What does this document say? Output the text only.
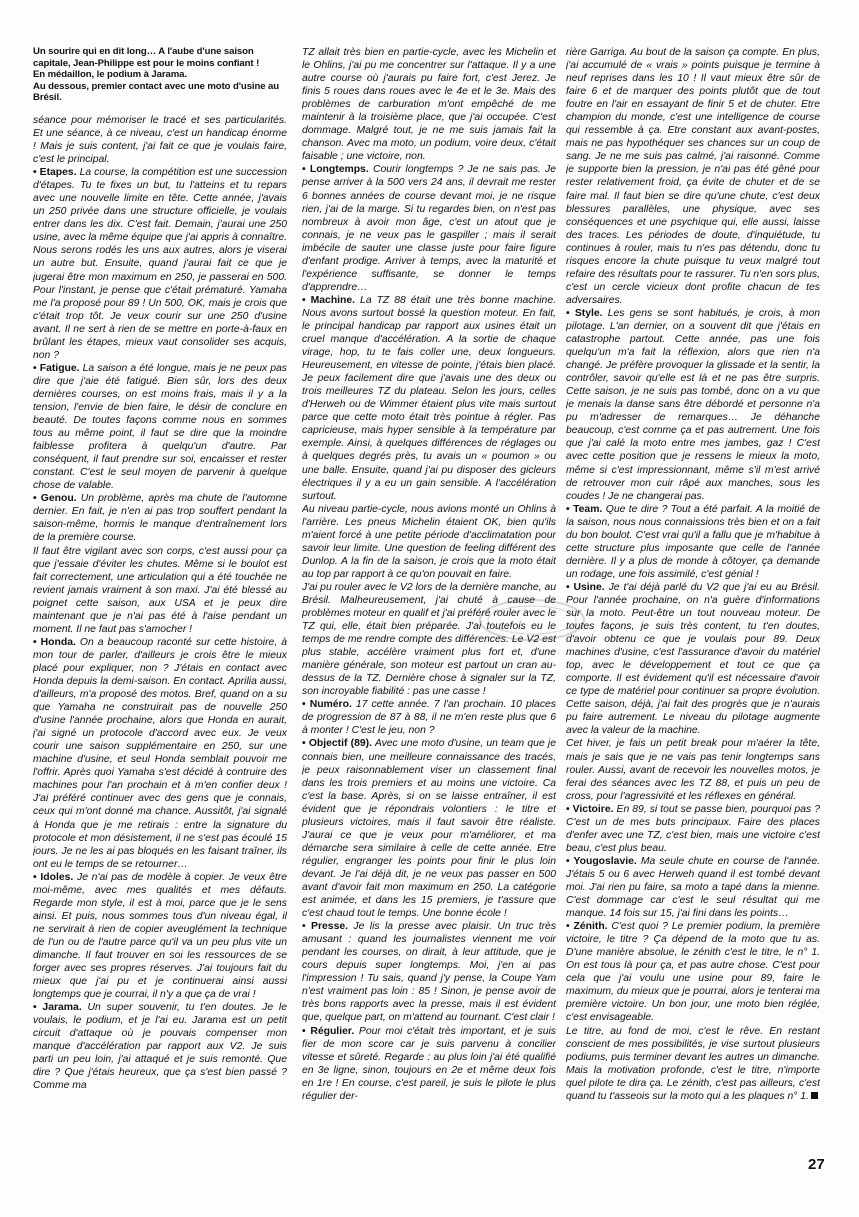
Un sourire qui en dit long… A l'aube d'une saison capitale, Jean-Philippe est pour le moins confiant !

En médaillon, le podium à Jarama.

Au dessous, premier contact avec une moto d'usine au Brésil.

séance pour mémoriser le tracé et ses particularités. Et une séance, à ce niveau, c'est un handicap énorme ! Mais je suis content, j'ai fait ce que je voulais faire, c'est le principal.

• Etapes. La course, la compétition est une succession d'étapes. Tu te fixes un but, tu l'atteins et tu repars avec une nouvelle limite en tête. Cette année, j'avais un 250 privée dans une structure officielle, je voulais entrer dans les dix. C'est fait. Demain, j'aurai une 250 usine, avec la même équipe que j'ai appris à connaître. Nous serons rodés les uns aux autres, alors je viserai un autre but. Ensuite, quand j'aurai fait ce que je jugerai être mon maximum en 250, je passerai en 500. Pour l'instant, je pense que c'était prématuré. Yamaha me l'a proposé pour 89 ! Un 500, OK, mais je crois que c'était trop tôt. Je veux courir sur une 250 d'usine avant. Il ne sert à rien de se mettre en porte-à-faux en brûlant les étapes, mieux vaut consolider ses acquis, non ?

• Fatigue. La saison a été longue, mais je ne peux pas dire que j'aie été fatigué. Bien sûr, lors des deux dernières courses, on est moins frais, mais il y a la tension, l'envie de bien faire, le désir de conclure en beauté. De toutes façons comme nous en sommes tous au même point, il faut se dire que la moindre faiblesse profitera à quelqu'un d'autre. Par conséquent, il faut prendre sur soi, encaisser et rester constant. C'est le seul moyen de parvenir à quelque chose de valable.

• Genou. Un problème, après ma chute de l'automne dernier. En fait, je n'en ai pas trop souffert pendant la saison-même, hormis le manque d'entraînement lors de la première course.

Il faut être vigilant avec son corps, c'est aussi pour ça que j'essaie d'éviter les chutes. Même si le boulot est fait correctement, une articulation qui a été touchée ne revient jamais vraiment à son maxi. J'ai été blessé au poignet cette saison, aux USA et je peux dire maintenant que je n'ai pas été à l'aise pendant un moment. Il ne faut pas s'amocher !

• Honda. On a beaucoup raconté sur cette histoire, à mon tour de parler, d'ailleurs je crois être le mieux placé pour expliquer, non ? J'étais en contact avec Honda depuis la demi-saison. En contact. Aprilia aussi, d'ailleurs, m'a proposé des motos. Bref, quand on a su que Yamaha ne construirait pas de nouvelle 250 d'usine l'année prochaine, alors que Honda en aurait, j'ai signé un protocole d'accord avec eux. Je veux courir une saison supplémentaire en 250, sur une machine d'usine, et seul Honda semblait pouvoir me l'offrir. Après quoi Yamaha s'est décidé à contruire des machines pour l'an prochain et à m'en confier deux ! J'ai préféré continuer avec des gens que je connais, ceux qui m'ont donné ma chance. Aussitôt, j'ai signalé à Honda que je me retirais : entre la signature du protocole et mon désistement, il ne s'est pas écoulé 15 jours. Je ne les ai pas bloqués en les faisant traîner, ils ont eu le temps de se retourner…

• Idoles. Je n'ai pas de modèle à copier. Je veux être moi-même, avec mes qualités et mes défauts. Regarde mon style, il est à moi, parce que je le sens ainsi. Et puis, nous sommes tous d'un niveau égal, il ne servirait à rien de copier aveuglément la technique de l'un ou de l'autre parce qu'il va un peu plus vite un dimanche. Il faut trouver en soi les ressources de se forger avec ses propres réserves. J'ai toujours fait du mieux que j'ai pu et je continuerai ainsi aussi longtemps que je courrai, il n'y a que ça de vrai !

• Jarama. Un super souvenir, tu t'en doutes. Je le voulais, le podium, et je l'ai eu. Jarama est un petit circuit d'attaque où je pouvais compenser mon manque d'accélération par rapport aux V2. Je suis parti un peu loin, j'ai attaqué et je suis remonté. Que dire ? Que j'étais heureux, que ça s'est bien passé ? Comme ma

TZ allait très bien en partie-cycle, avec les Michelin et le Ohlins, j'ai pu me concentrer sur l'attaque. Il y a une autre course où j'aurais pu faire fort, c'est Jerez. Je finis 5 roues dans roues avec le 4e et le 3e. Mais des problèmes de carburation m'ont empêché de me maintenir à la troisième place, que j'ai occupée. C'est dommage. Malgré tout, je ne me suis jamais fait la chanson. Avec ma moto, un podium, voire deux, c'était faisable ; une victoire, non.

• Longtemps. Courir longtemps ? Je ne sais pas. Je pense arriver à la 500 vers 24 ans, il devrait me rester 6 bonnes années de course devant moi, je ne risque rien, j'ai de la marge. Si tu regardes bien, on n'est pas nombreux à avoir mon âge, c'est un atout que je connais, je ne veux pas le gaspiller ; mais il serait imbécile de sauter une classe juste pour faire figure d'enfant prodige. Arriver à temps, avec la maturité et l'expérience suffisante, se donner le temps d'apprendre…

• Machine. La TZ 88 était une très bonne machine. Nous avons surtout bossé la question moteur. En fait, le principal handicap par rapport aux usines était un cruel manque d'accélération. A la sortie de chaque virage, hop, tu te fais coller une, deux longueurs. Heureusement, en vitesse de pointe, j'étais bien placé. Je peux facilement dire que j'avais une des deux ou trois meilleures TZ du plateau. Selon les jours, celles d'Herweh ou de Wimmer étaient plus vite mais surtout parce que cette moto était très pointue à régler. Pas capricieuse, mais hyper sensible à la température par exemple. Ainsi, à quelques différences de réglages ou à quelques degrés près, tu avais un « poumon » ou une balle. Ensuite, quand j'ai pu disposer des gicleurs électriques il y a eu un gain sensible. A l'accélération surtout.

Au niveau partie-cycle, nous avions monté un Ohlins à l'arrière. Les pneus Michelin étaient OK, bien qu'ils m'aient forcé à une petite période d'acclimatation pour savoir leur limite. Une question de feeling différent des Dunlop. A la fin de la saison, je crois que la moto était au top par rapport à ce qu'on pouvait en faire.

J'ai pu rouler avec le V2 lors de la dernière manche, au Brésil. Malheureusement, j'ai chuté à cause de problèmes moteur en qualif et j'ai préféré rouler avec le TZ qui, elle, était bien préparée. J'ai toutefois eu le temps de me rendre compte des différences. Le V2 est plus stable, accélère vraiment plus fort et, d'une manière générale, son moteur est partout un cran au-dessus de la TZ. Dernière chose à signaler sur la TZ, son incroyable fiabilité : pas une casse !

• Numéro. 17 cette année. 7 l'an prochain. 10 places de progression de 87 à 88, il ne m'en reste plus que 6 à monter ! C'est le jeu, non ?

• Objectif (89). Avec une moto d'usine, un team que je connais bien, une meilleure connaissance des tracés, je peux raisonnablement viser un classement final dans les trois premiers et au moins une victoire. Ca c'est la base. Après, si on se laisse entraîner, il est évident que je répondrais volontiers : le titre et plusieurs victoires, mais il faut savoir être réaliste. J'aurai ce que je veux pour m'améliorer, et ma démarche sera similaire à celle de cette année. Etre régulier, engranger les points pour finir le plus loin devant. Je l'ai déjà dit, je ne veux pas passer en 500 avant d'avoir fait mon maximum en 250. La catégorie est animée, et dans les 15 premiers, je t'assure que c'est chaud tout le temps. Une bonne école !

• Presse. Je lis la presse avec plaisir. Un truc très amusant : quand les journalistes viennent me voir pendant les courses, on dirait, à leur attitude, que je cours depuis super longtemps. Moi, j'en ai pas l'impression ! Tu sais, quand j'y pense, la Coupe Yam n'est vraiment pas loin : 85 ! Sinon, je pense avoir de très bons rapports avec la presse, mais il est évident que, quelque part, on m'attend au tournant. C'est clair !

• Régulier. Pour moi c'était très important, et je suis fier de mon score car je suis parvenu à concilier vitesse et sûreté. Regarde : au plus loin j'ai été qualifié en 3e ligne, sinon, toujours en 2e et même deux fois en 1re ! En course, c'est pareil, je suis le pilote le plus régulier der-

rière Garriga. Au bout de la saison ça compte. En plus, j'ai accumulé de « vrais » points puisque je termine à neuf reprises dans les 10 ! Il vaut mieux être sûr de faire 6 et de marquer des points plutôt que de tout foutre en l'air en essayant de finir 5 et de chuter. Etre champion du monde, c'est une intelligence de course qui ressemble à ça. Etre constant aux avant-postes, mais ne pas hypothéquer ses chances sur un coup de sang. Je ne me suis pas calmé, j'ai raisonné. Comme je supporte bien la pression, je n'ai pas été gêné pour rester relativement froid, ça évite de chuter et de se faire mal. Il faut bien se dire qu'une chute, c'est deux blessures parallèles, une physique, avec ses conséquences et une psychique qui, elle aussi, laisse des traces. Les périodes de doute, d'inquiétude, tu continues à rouler, mais tu n'es pas détendu, donc tu risques encore la chute puisque tu veux malgré tout refaire des résultats pour te rassurer. Tu n'en sors plus, c'est un cercle vicieux dont profite chacun de tes adversaires.

• Style. Les gens se sont habitués, je crois, à mon pilotage. L'an dernier, on a souvent dit que j'étais en catastrophe partout. Cette année, pas une fois quelqu'un m'a fait la réflexion, alors que rien n'a changé. Je préfère provoquer la glissade et la sentir, la contrôler, savoir qu'elle est là et ne pas être surpris. Cette saison, je ne suis pas tombé, donc on a vu que je menais la danse sans être débordé et personne n'a pu m'adresser de remarques… Je déhanche beaucoup, c'est comme ça et pas autrement. Une fois que j'ai calé la moto entre mes jambes, gaz ! C'est avec cette position que je ressens le mieux la moto, même si c'est impressionnant, même s'il m'est arrivé de retrouver mon cuir râpé aux manches, sous les coudes ! Je ne changerai pas.

• Team. Que te dire ? Tout a été parfait. A la moitié de la saison, nous nous connaissions très bien et on a fait du bon boulot. C'est vrai qu'il a fallu que je m'habitue à cette structure plus imposante que celle de l'année dernière. Il y a plus de monde à côtoyer, ça demande un rodage, une fois assimilé, c'est génial !

• Usine. Je t'ai déjà parlé du V2 que j'ai eu au Brésil. Pour l'année prochaine, on n'a guère d'informations sur la moto. Peut-être un tout nouveau moteur. De toutes façons, je suis très content, tu t'en doutes, d'avoir obtenu ce que je voulais pour 89. Deux machines d'usine, c'est l'assurance d'avoir du matériel top, avec le développement et tout ce que ça comporte. Il est évidement qu'il est nécessaire d'avoir ce type de matériel pour continuer sa propre évolution. Cette saison, déjà, j'ai fait des progrès que je n'aurais pu faire autrement. Le niveau du pilotage augmente avec la valeur de la machine.

Cet hiver, je fais un petit break pour m'aérer la tête, mais je sais que je ne vais pas tenir longtemps sans rouler. Aussi, avant de recevoir les nouvelles motos, je ferai des séances avec les TZ 88, et puis un peu de cross, pour l'agressivité et les réflexes en général.

• Victoire. En 89, si tout se passe bien, pourquoi pas ? C'est un de mes buts principaux. Faire des places d'enfer avec une TZ, c'est bien, mais une victoire c'est beau, c'est plus beau.

• Yougoslavie. Ma seule chute en course de l'année. J'étais 5 ou 6 avec Herweh quand il est tombé devant moi. J'ai rien pu faire, sa moto a tapé dans la mienne. C'est dommage car c'est le seul résultat qui me manque. 14 fois sur 15, j'ai fini dans les points…

• Zénith. C'est quoi ? Le premier podium, la première victoire, le titre ? Ça dépend de la moto que tu as. D'une manière absolue, le zénith c'est le titre, le n° 1. On est tous là pour ça, et pas autre chose. C'est pour cela que j'ai voulu une usine pour 89, faire le maximum, du mieux que je pourrai, alors je tenterai ma première victoire. Un bon jour, une moto bien réglée, c'est envisageable.

Le titre, au fond de moi, c'est le rêve. En restant conscient de mes possibilités, je vise surtout plusieurs podiums, puis terminer devant les autres un dimanche. Mais la motivation profonde, c'est le titre, n'importe quel pilote te dira ça. Le zénith, c'est pas ailleurs, c'est quand tu t'asseois sur la moto qui a les plaques n° 1.

27
